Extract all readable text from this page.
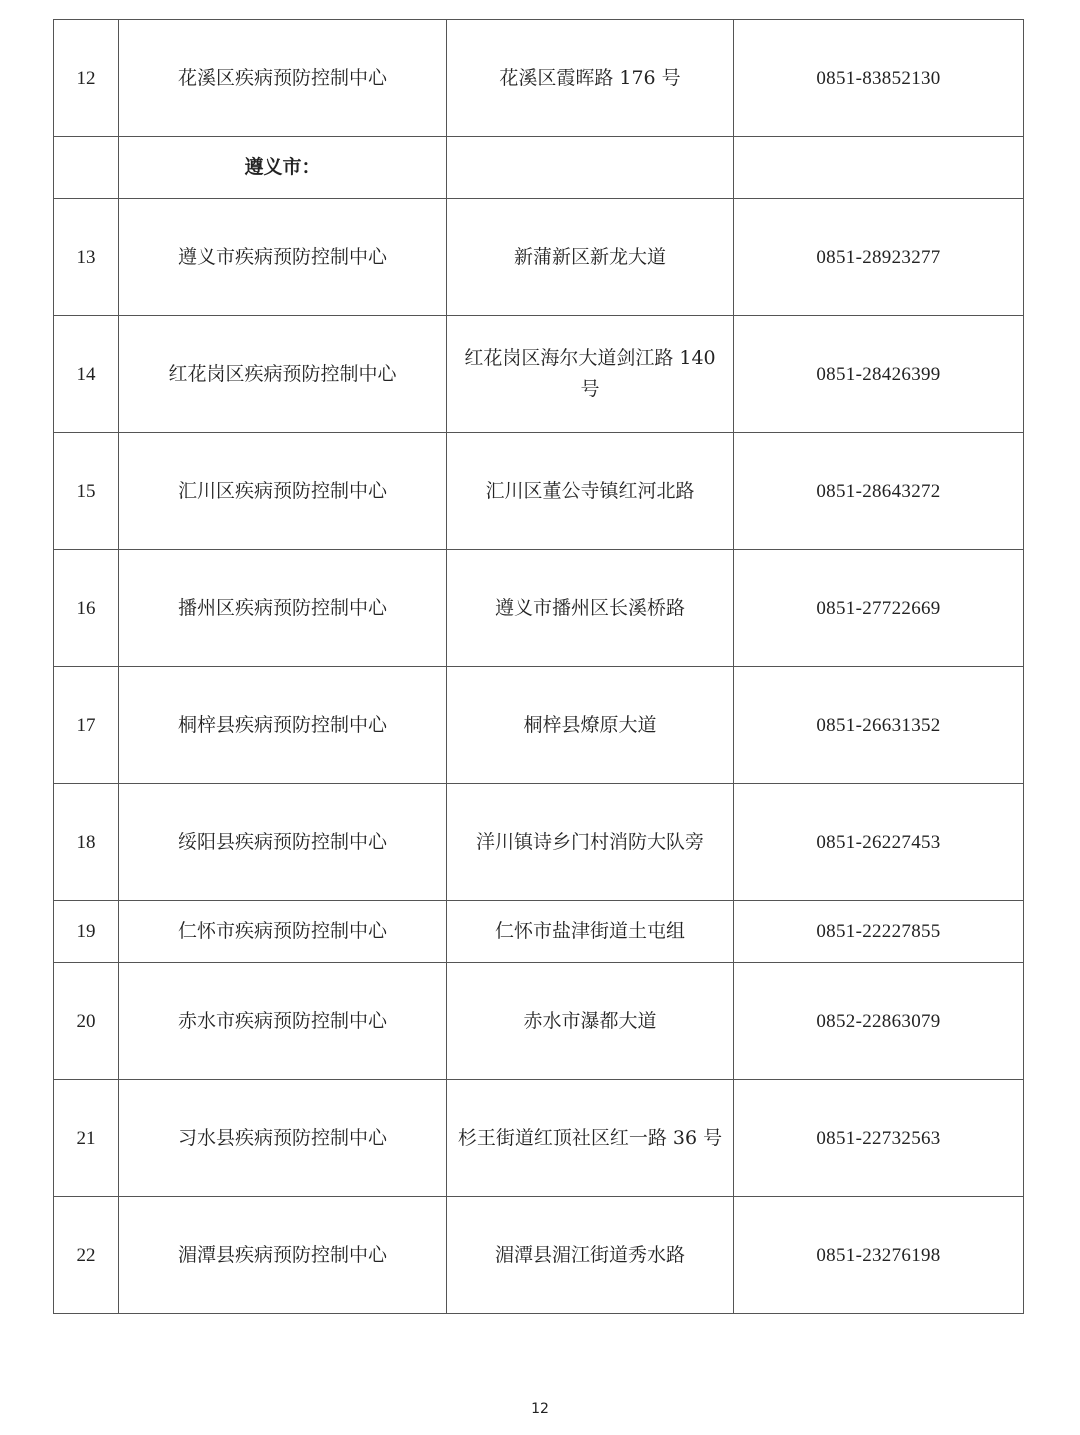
12	花溪区疾病预防控制中心	花溪区霞晖路 176 号	0851-83852130
	遵义市：		
13	遵义市疾病预防控制中心	新蒲新区新龙大道	0851-28923277
14	红花岗区疾病预防控制中心	红花岗区海尔大道剑江路 140 号	0851-28426399
15	汇川区疾病预防控制中心	汇川区董公寺镇红河北路	0851-28643272
16	播州区疾病预防控制中心	遵义市播州区长溪桥路	0851-27722669
17	桐梓县疾病预防控制中心	桐梓县燎原大道	0851-26631352
18	绥阳县疾病预防控制中心	洋川镇诗乡门村消防大队旁	0851-26227453
19	仁怀市疾病预防控制中心	仁怀市盐津街道土屯组	0851-22227855
20	赤水市疾病预防控制中心	赤水市瀑都大道	0852-22863079
21	习水县疾病预防控制中心	杉王街道红顶社区红一路 36 号	0851-22732563
22	湄潭县疾病预防控制中心	湄潭县湄江街道秀水路	0851-23276198
12
